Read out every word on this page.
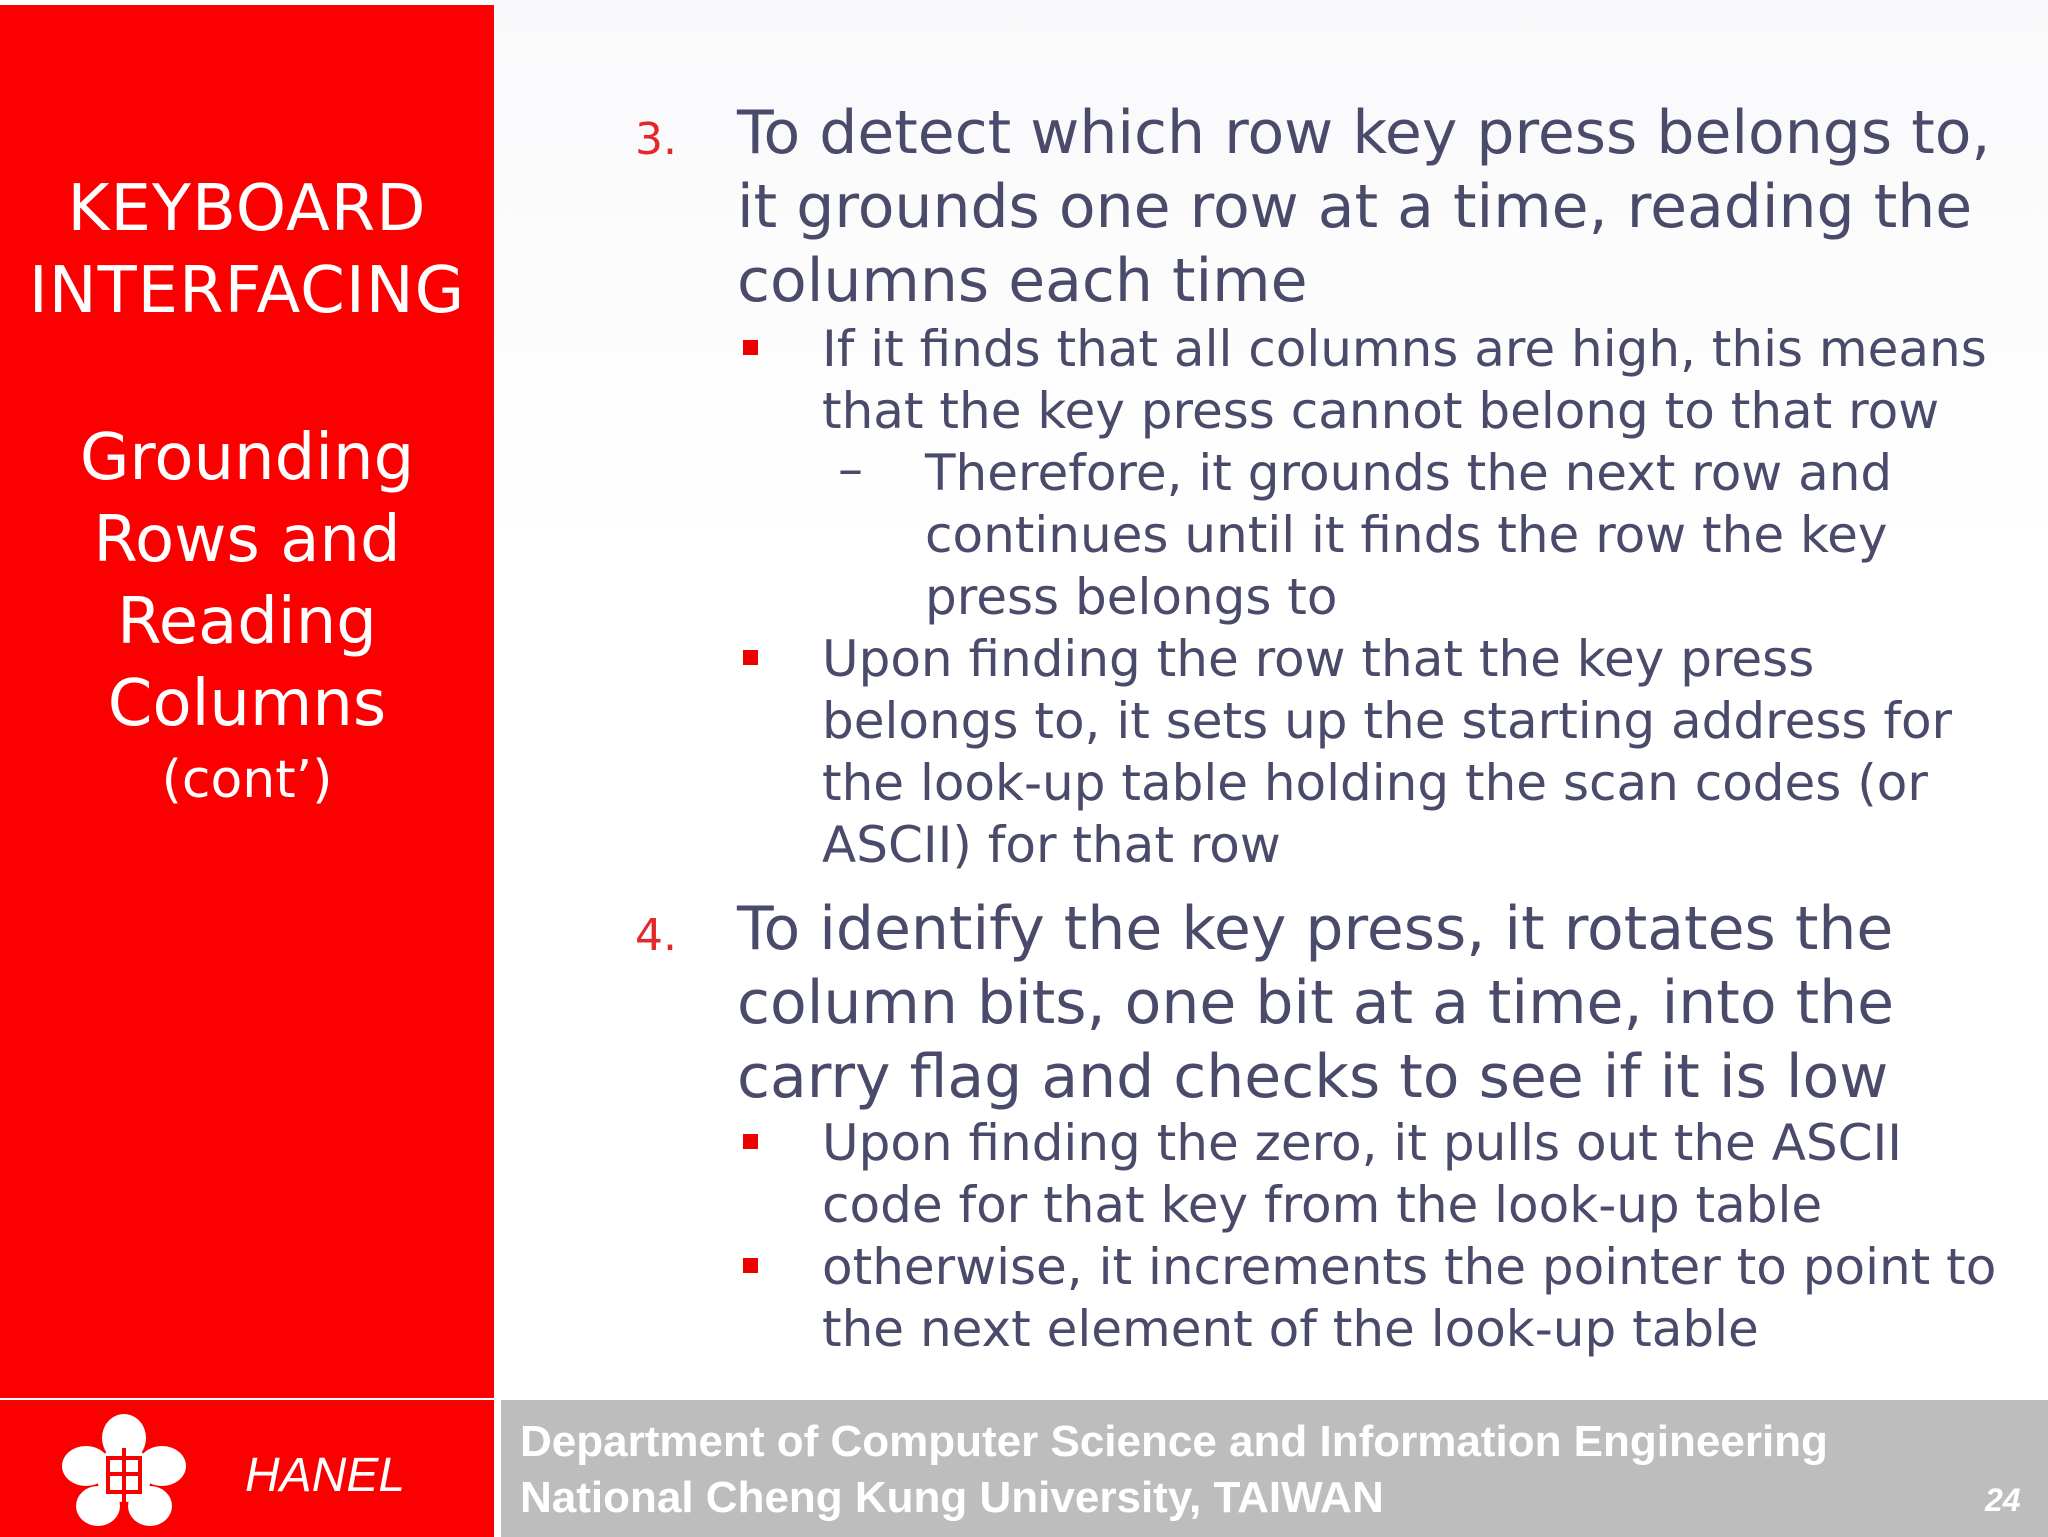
KEYBOARD
INTERFACING
Grounding
Rows and
Reading
Columns
(cont’)
3. To detect which row key press belongs to,
it grounds one row at a time, reading the
columns each time
If it finds that all columns are high, this means
that the key press cannot belong to that row
– Therefore, it grounds the next row and
continues until it finds the row the key
press belongs to
Upon finding the row that the key press
belongs to, it sets up the starting address for
the look-up table holding the scan codes (or
ASCII) for that row
4. To identify the key press, it rotates the
column bits, one bit at a time, into the
carry flag and checks to see if it is low
Upon finding the zero, it pulls out the ASCII
code for that key from the look-up table
otherwise, it increments the pointer to point to
the next element of the look-up table
HANEL
Department of Computer Science and Information Engineering
National Cheng Kung University, TAIWAN	24
